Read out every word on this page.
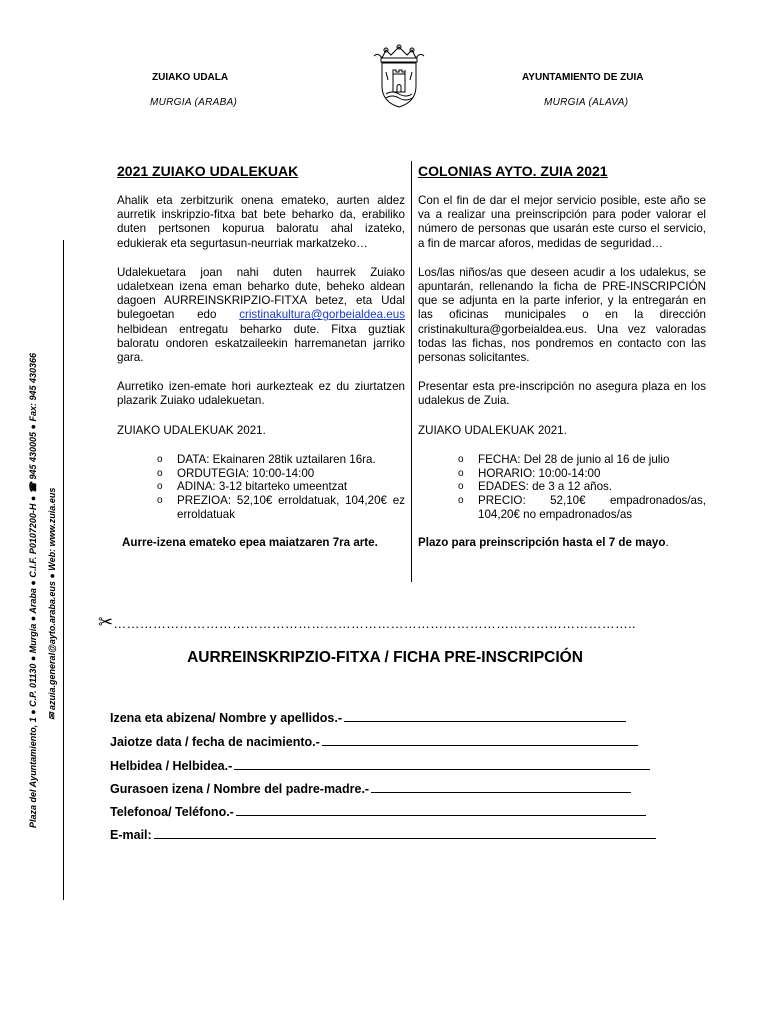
ZUIAKO UDALA
MURGIA (ARABA)
AYUNTAMIENTO DE ZUIA
MURGIA (ALAVA)
Plaza del Ayuntamiento, 1 ● C.P. 01130 ● Murgia ● Araba ● C.I.F. P0107200-H ● ☎ 945 430005 ● Fax: 945 430366 ✉ azuia.general@ayto.araba.eus ● Web: www.zuia.eus
2021 ZUIAKO UDALEKUAK

Ahalik eta zerbitzurik onena emateko, aurten aldez aurretik inskripzio-fitxa bat bete beharko da, erabiliko duten pertsonen kopurua baloratu ahal izateko, edukierak eta segurtasun-neurriak markatzeko…

Udalekuetara joan nahi duten haurrek Zuiako udaletxean izena eman beharko dute, beheko aldean dagoen AURREINSKRIPZIO-FITXA betez, eta Udal bulegoetan edo cristinakultura@gorbeialdea.eus helbidean entregatu beharko dute. Fitxa guztiak baloratu ondoren eskatzaileekin harremanetan jarriko gara.

Aurretiko izen-emate hori aurkezteak ez du ziurtatzen plazarik Zuiako udalekuetan.

ZUIAKO UDALEKUAK 2021.

o DATA: Ekainaren 28tik uztailaren 16ra.
o ORDUTEGIA: 10:00-14:00
o ADINA: 3-12 bitarteko umeentzat
o PREZIOA: 52,10€ erroldatuak, 104,20€ ez erroldatuak

Aurre-izena emateko epea maiatzaren 7ra arte.

COLONIAS AYTO. ZUIA 2021

Con el fin de dar el mejor servicio posible, este año se va a realizar una preinscripción para poder valorar el número de personas que usarán este curso el servicio, a fin de marcar aforos, medidas de seguridad…

Los/las niños/as que deseen acudir a los udalekus, se apuntarán, rellenando la ficha de PRE-INSCRIPCIÓN que se adjunta en la parte inferior, y la entregarán en las oficinas municipales o en la dirección cristinakultura@gorbeialdea.eus. Una vez valoradas todas las fichas, nos pondremos en contacto con las personas solicitantes.

Presentar esta pre-inscripción no asegura plaza en los udalekus de Zuia.

ZUIAKO UDALEKUAK 2021.

o FECHA: Del 28 de junio al 16 de julio
o HORARIO: 10:00-14:00
o EDADES: de 3 a 12 años.
o PRECIO: 52,10€ empadronados/as, 104,20€ no empadronados/as

Plazo para preinscripción hasta el 7 de mayo.

✂………………………………………………………………………………………………………..
AURREINSKRIPZIO-FITXA / FICHA PRE-INSCRIPCIÓN
Izena eta abizena/ Nombre y apellidos.-
Jaiotze data / fecha de nacimiento.-
Helbidea / Helbidea.-
Gurasoen izena / Nombre del padre-madre.-
Telefonoa/ Teléfono.-
E-mail:
